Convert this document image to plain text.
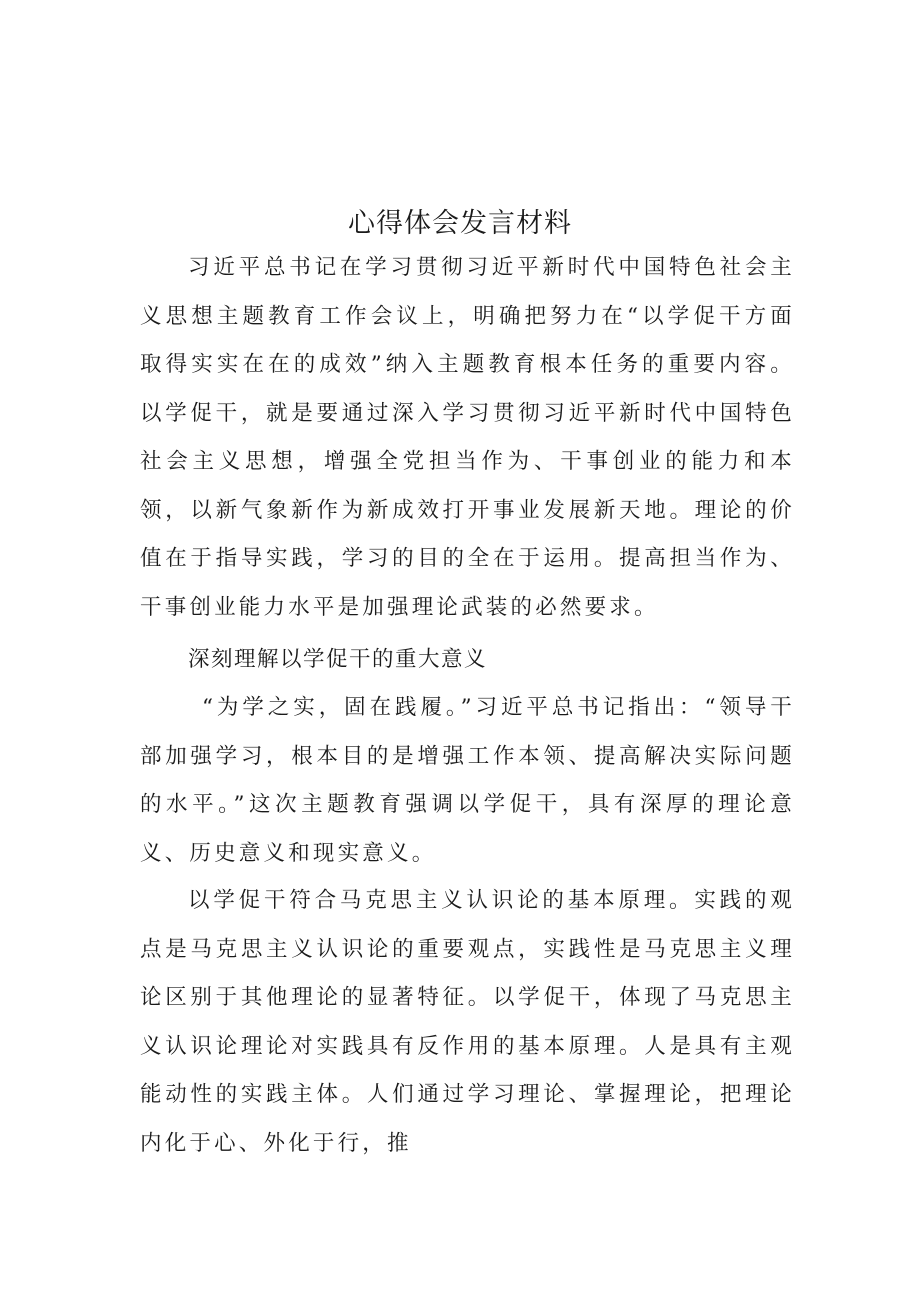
心得体会发言材料

习近平总书记在学习贯彻习近平新时代中国特色社会主义思想主题教育工作会议上，明确把努力在“以学促干方面取得实实在在的成效”纳入主题教育根本任务的重要内容。以学促干，就是要通过深入学习贯彻习近平新时代中国特色社会主义思想，增强全党担当作为、干事创业的能力和本领，以新气象新作为新成效打开事业发展新天地。理论的价值在于指导实践，学习的目的全在于运用。提高担当作为、干事创业能力水平是加强理论武装的必然要求。

深刻理解以学促干的重大意义

“为学之实，固在践履。”习近平总书记指出：“领导干部加强学习，根本目的是增强工作本领、提高解决实际问题的水平。”这次主题教育强调以学促干，具有深厚的理论意义、历史意义和现实意义。

以学促干符合马克思主义认识论的基本原理。实践的观点是马克思主义认识论的重要观点，实践性是马克思主义理论区别于其他理论的显著特征。以学促干，体现了马克思主义认识论理论对实践具有反作用的基本原理。人是具有主观能动性的实践主体。人们通过学习理论、掌握理论，把理论内化于心、外化于行，推
